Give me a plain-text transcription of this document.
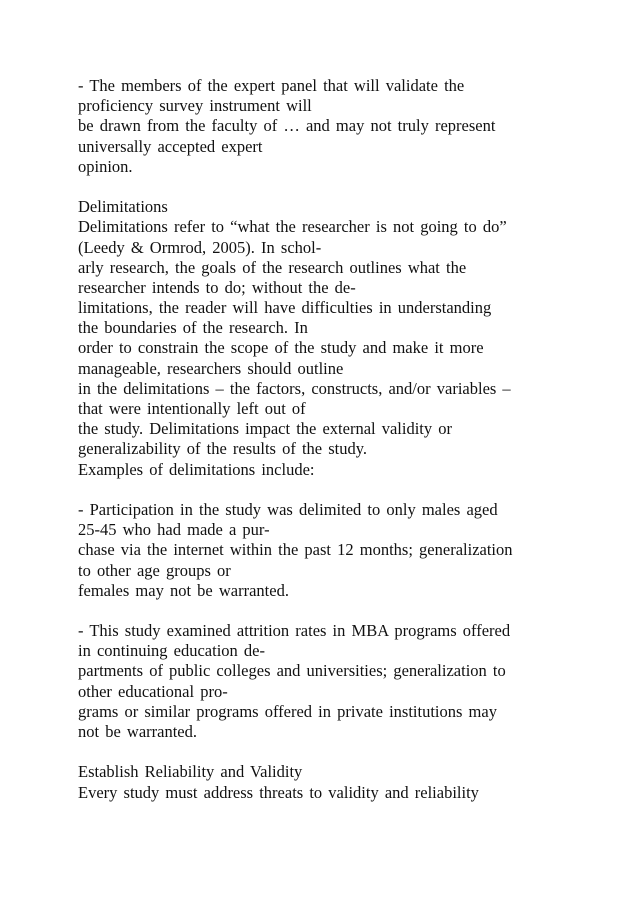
- The members of the expert panel that will validate the
proficiency survey instrument will
be drawn from the faculty of … and may not truly represent
universally accepted expert
opinion.
Delimitations
Delimitations refer to “what the researcher is not going to do”
(Leedy & Ormrod, 2005). In schol-
arly research, the goals of the research outlines what the
researcher intends to do; without the de-
limitations, the reader will have difficulties in understanding
the boundaries of the research. In
order to constrain the scope of the study and make it more
manageable, researchers should outline
in the delimitations – the factors, constructs, and/or variables –
that were intentionally left out of
the study. Delimitations impact the external validity or
generalizability of the results of the study.
Examples of delimitations include:
- Participation in the study was delimited to only males aged
25-45 who had made a pur-
chase via the internet within the past 12 months; generalization
to other age groups or
females may not be warranted.
- This study examined attrition rates in MBA programs offered
in continuing education de-
partments of public colleges and universities; generalization to
other educational pro-
grams or similar programs offered in private institutions may
not be warranted.
Establish Reliability and Validity
Every study must address threats to validity and reliability
